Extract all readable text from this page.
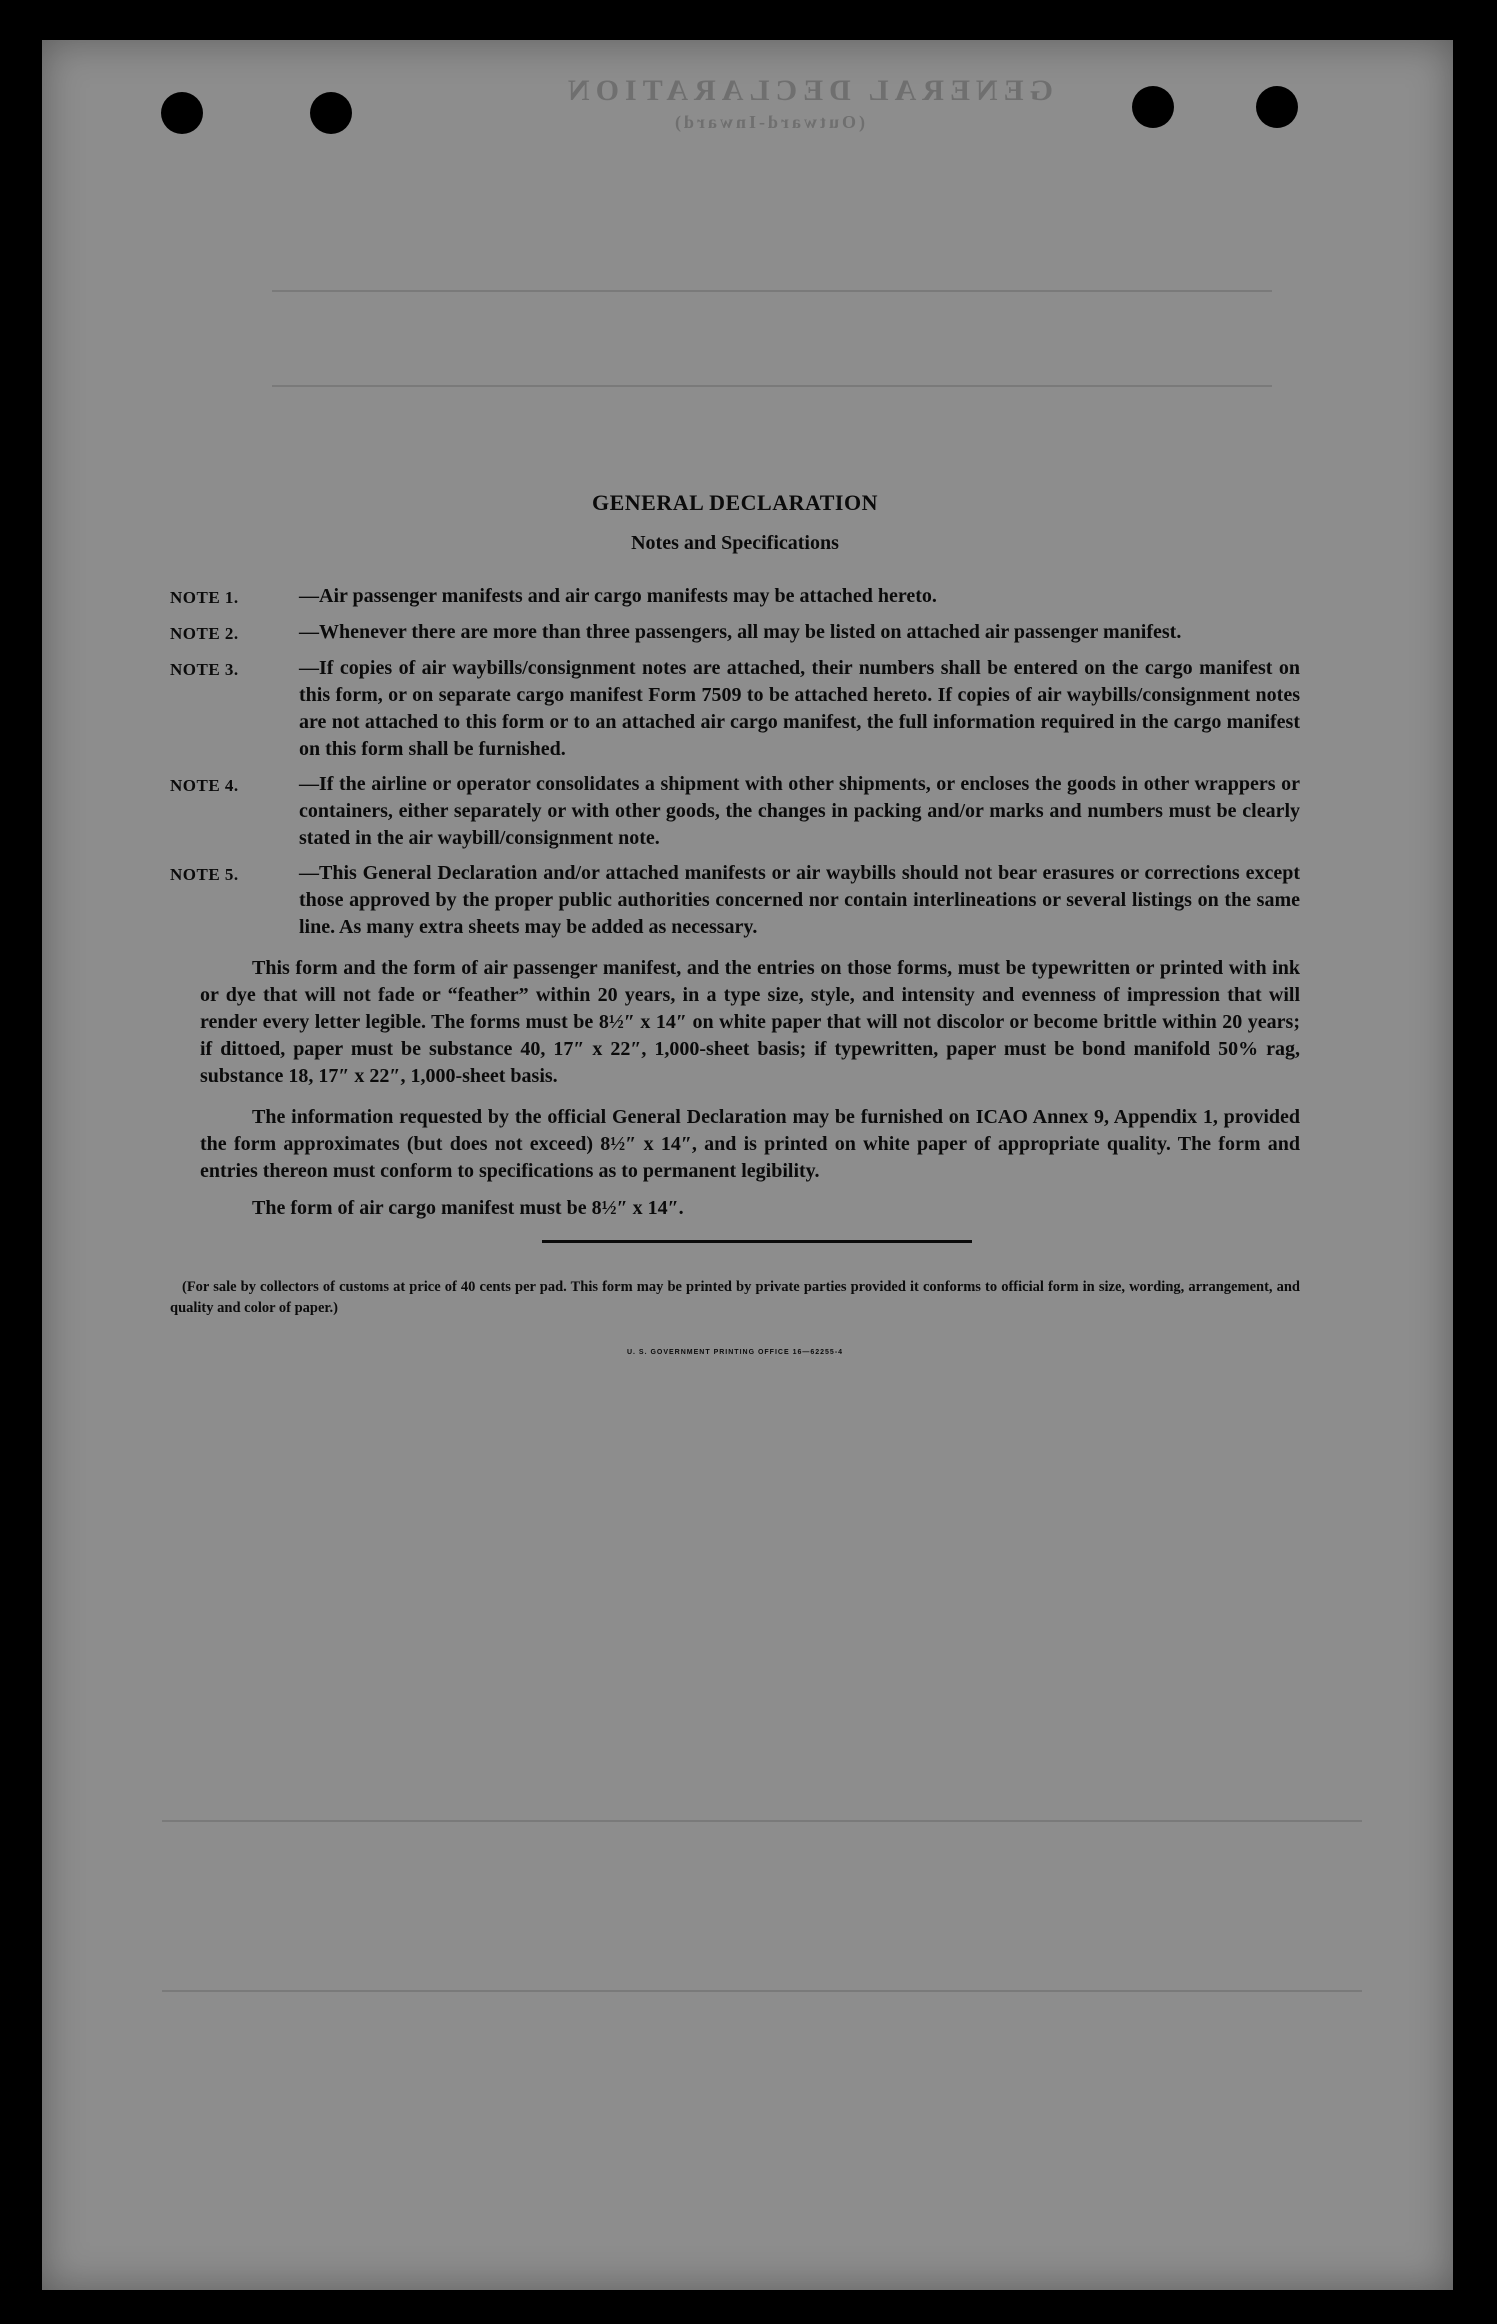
GENERAL DECLARATION
(Outward-Inward)
GENERAL DECLARATION
Notes and Specifications
NOTE 1.	—Air passenger manifests and air cargo manifests may be attached hereto.
NOTE 2.	—Whenever there are more than three passengers, all may be listed on attached air passenger manifest.
NOTE 3.	—If copies of air waybills/consignment notes are attached, their numbers shall be entered on the cargo manifest on this form, or on separate cargo manifest Form 7509 to be attached hereto. If copies of air waybills/consignment notes are not attached to this form or to an attached air cargo manifest, the full information required in the cargo manifest on this form shall be furnished.
NOTE 4.	—If the airline or operator consolidates a shipment with other shipments, or encloses the goods in other wrappers or containers, either separately or with other goods, the changes in packing and/or marks and numbers must be clearly stated in the air waybill/consignment note.
NOTE 5.	—This General Declaration and/or attached manifests or air waybills should not bear erasures or corrections except those approved by the proper public authorities concerned nor contain interlineations or several listings on the same line. As many extra sheets may be added as necessary.

This form and the form of air passenger manifest, and the entries on those forms, must be typewritten or printed with ink or dye that will not fade or “feather” within 20 years, in a type size, style, and intensity and evenness of impression that will render every letter legible. The forms must be 8½″ x 14″ on white paper that will not discolor or become brittle within 20 years; if dittoed, paper must be substance 40, 17″ x 22″, 1,000-sheet basis; if typewritten, paper must be bond manifold 50% rag, substance 18, 17″ x 22″, 1,000-sheet basis.

The information requested by the official General Declaration may be furnished on ICAO Annex 9, Appendix 1, provided the form approximates (but does not exceed) 8½″ x 14″, and is printed on white paper of appropriate quality. The form and entries thereon must conform to specifications as to permanent legibility.

The form of air cargo manifest must be 8½″ x 14″.

(For sale by collectors of customs at price of 40 cents per pad. This form may be printed by private parties provided it conforms to official form in size, wording, arrangement, and quality and color of paper.)
U. S. GOVERNMENT PRINTING OFFICE 16—62255-4
